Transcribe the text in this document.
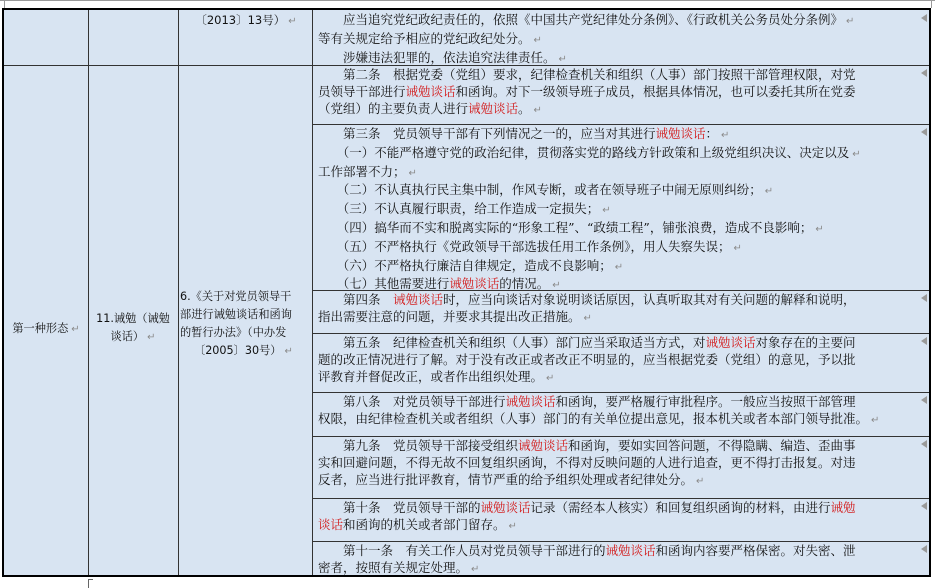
第一种形态 ↵
11.诫勉（诫勉
谈话） ↵
〔2013〕13号） ↵
6.《关于对党员领导干
部进行诫勉谈话和函询
的暂行办法》（中办发
〔2005〕30号） ↵

　　应当追究党纪政纪责任的，依照《中国共产党纪律处分条例》、《行政机关公务员处分条例》 ↵

等有关规定给予相应的党纪政纪处分。 ↵

　　涉嫌违法犯罪的，依法追究法律责任。 ↵

　　第二条　根据党委（党组）要求，纪律检查机关和组织（人事）部门按照干部管理权限，对党

员领导干部进行诫勉谈话和函询。对下一级领导班子成员，根据具体情况，也可以委托其所在党委

（党组）的主要负责人进行诫勉谈话。 ↵

　　第三条　党员领导干部有下列情况之一的，应当对其进行诫勉谈话： ↵

　　（一）不能严格遵守党的政治纪律，贯彻落实党的路线方针政策和上级党组织决议、决定以及 ↵

工作部署不力； ↵

　　（二）不认真执行民主集中制，作风专断，或者在领导班子中闹无原则纠纷； ↵

　　（三）不认真履行职责，给工作造成一定损失； ↵

　　（四）搞华而不实和脱离实际的“形象工程”、“政绩工程”，铺张浪费，造成不良影响； ↵

　　（五）不严格执行《党政领导干部选拔任用工作条例》，用人失察失误； ↵

　　（六）不严格执行廉洁自律规定，造成不良影响； ↵

　　（七）其他需要进行诫勉谈话的情况。 ↵

　　第四条　诫勉谈话时，应当向谈话对象说明谈话原因，认真听取其对有关问题的解释和说明，

指出需要注意的问题，并要求其提出改正措施。 ↵

　　第五条　纪律检查机关和组织（人事）部门应当采取适当方式，对诫勉谈话对象存在的主要问

题的改正情况进行了解。对于没有改正或者改正不明显的，应当根据党委（党组）的意见，予以批

评教育并督促改正，或者作出组织处理。 ↵

　　第八条　对党员领导干部进行诫勉谈话和函询，要严格履行审批程序。一般应当按照干部管理

权限，由纪律检查机关或者组织（人事）部门的有关单位提出意见，报本机关或者本部门领导批准。 ↵

　　第九条　党员领导干部接受组织诫勉谈话和函询，要如实回答问题，不得隐瞒、编造、歪曲事

实和回避问题，不得无故不回复组织函询，不得对反映问题的人进行追查，更不得打击报复。对违

反者，应当进行批评教育，情节严重的给予组织处理或者纪律处分。 ↵

　　第十条　党员领导干部的诫勉谈话记录（需经本人核实）和回复组织函询的材料，由进行诫勉

谈话和函询的机关或者部门留存。 ↵

　　第十一条　有关工作人员对党员领导干部进行的诫勉谈话和函询内容要严格保密。对失密、泄

密者，按照有关规定处理。 ↵
